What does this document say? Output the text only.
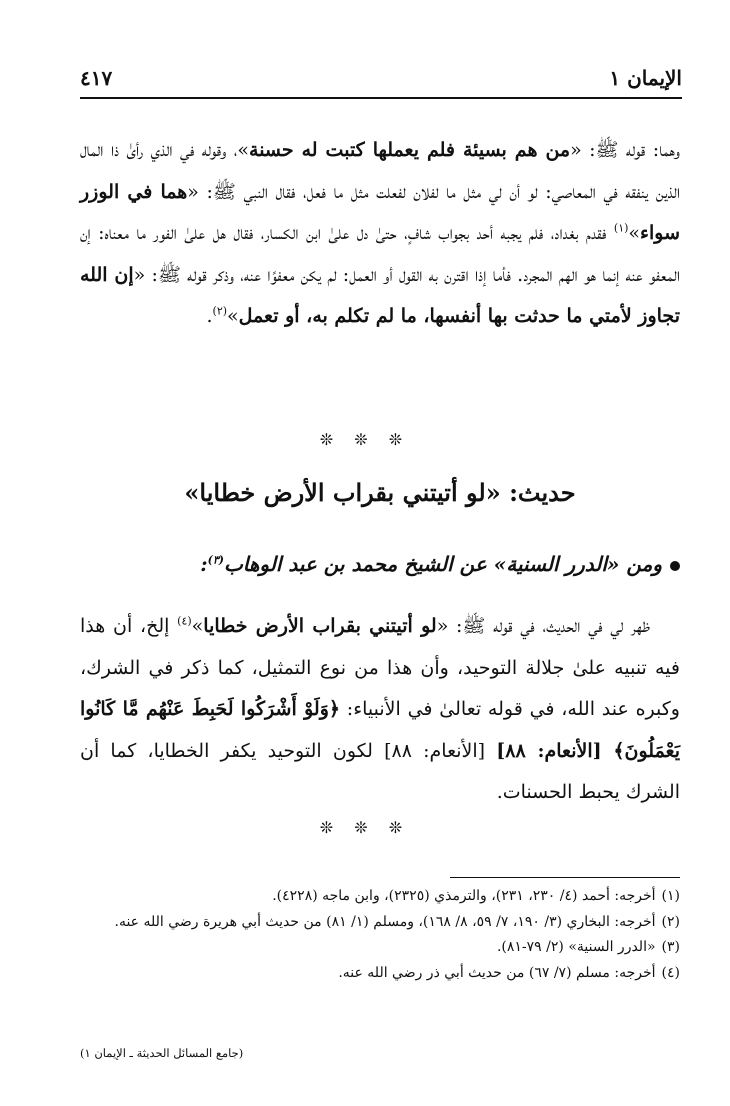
الإيمان ١
٤١٧
وهما: قوله ﷺ: «من هم بسيئة فلم يعملها كتبت له حسنة»، وقوله في الذي رأىٰ ذا المال الذين ينفقه في المعاصي: لو أن لي مثل ما لفلان لفعلت مثل ما فعل، فقال النبي ﷺ: «هما في الوزر سواء»$^{(١)}$ فقدم بغداد، فلم يجبه أحد بجواب شافٍ، حتىٰ دل علىٰ ابن الكسار، فقال هل علىٰ الفور ما معناه: إن المعفو عنه إنما هو الهم المجرد. فأما إذا اقترن به القول أو العمل: لم يكن معفوًا عنه، وذكر قوله ﷺ: «إن الله تجاوز لأمتي ما حدثت بها أنفسها، ما لم تكلم به، أو تعمل»$^{(٢)}$.
❊ ❊ ❊
حديث: «لو أتيتني بقراب الأرض خطايا»
ومن «الدرر السنية» عن الشيخ محمد بن عبد الوهاب$^{(٣)}$:
ظهر لي في الحديث، في قوله ﷺ: «لو أتيتني بقراب الأرض خطايا»$^{(٤)}$ إلخ، أن هذا فيه تنبيه علىٰ جلالة التوحيد، وأن هذا من نوع التمثيل، كما ذكر في الشرك، وكبره عند الله، في قوله تعالىٰ في الأنبياء: ﴿وَلَوْ أَشْرَكُوا لَحَبِطَ عَنْهُم مَّا كَانُوا يَعْمَلُونَ﴾ [الأنعام: ٨٨] [الأنعام: ٨٨] لكون التوحيد يكفر الخطايا، كما أن الشرك يحبط الحسنات.
❊ ❊ ❊
(١)
أخرجه: أحمد (٤/ ٢٣٠، ٢٣١)، والترمذي (٢٣٢٥)، وابن ماجه (٤٢٢٨).
(٢)
أخرجه: البخاري (٣/ ١٩٠، ٧/ ٥٩، ٨/ ١٦٨)، ومسلم (١/ ٨١) من حديث أبي هريرة رضي الله عنه.
(٣)
«الدرر السنية» (٢/ ٧٩-٨١).
(٤)
أخرجه: مسلم (٧/ ٦٧) من حديث أبي ذر رضي الله عنه.
(جامع المسائل الحديثة ـ الإيمان ١)
